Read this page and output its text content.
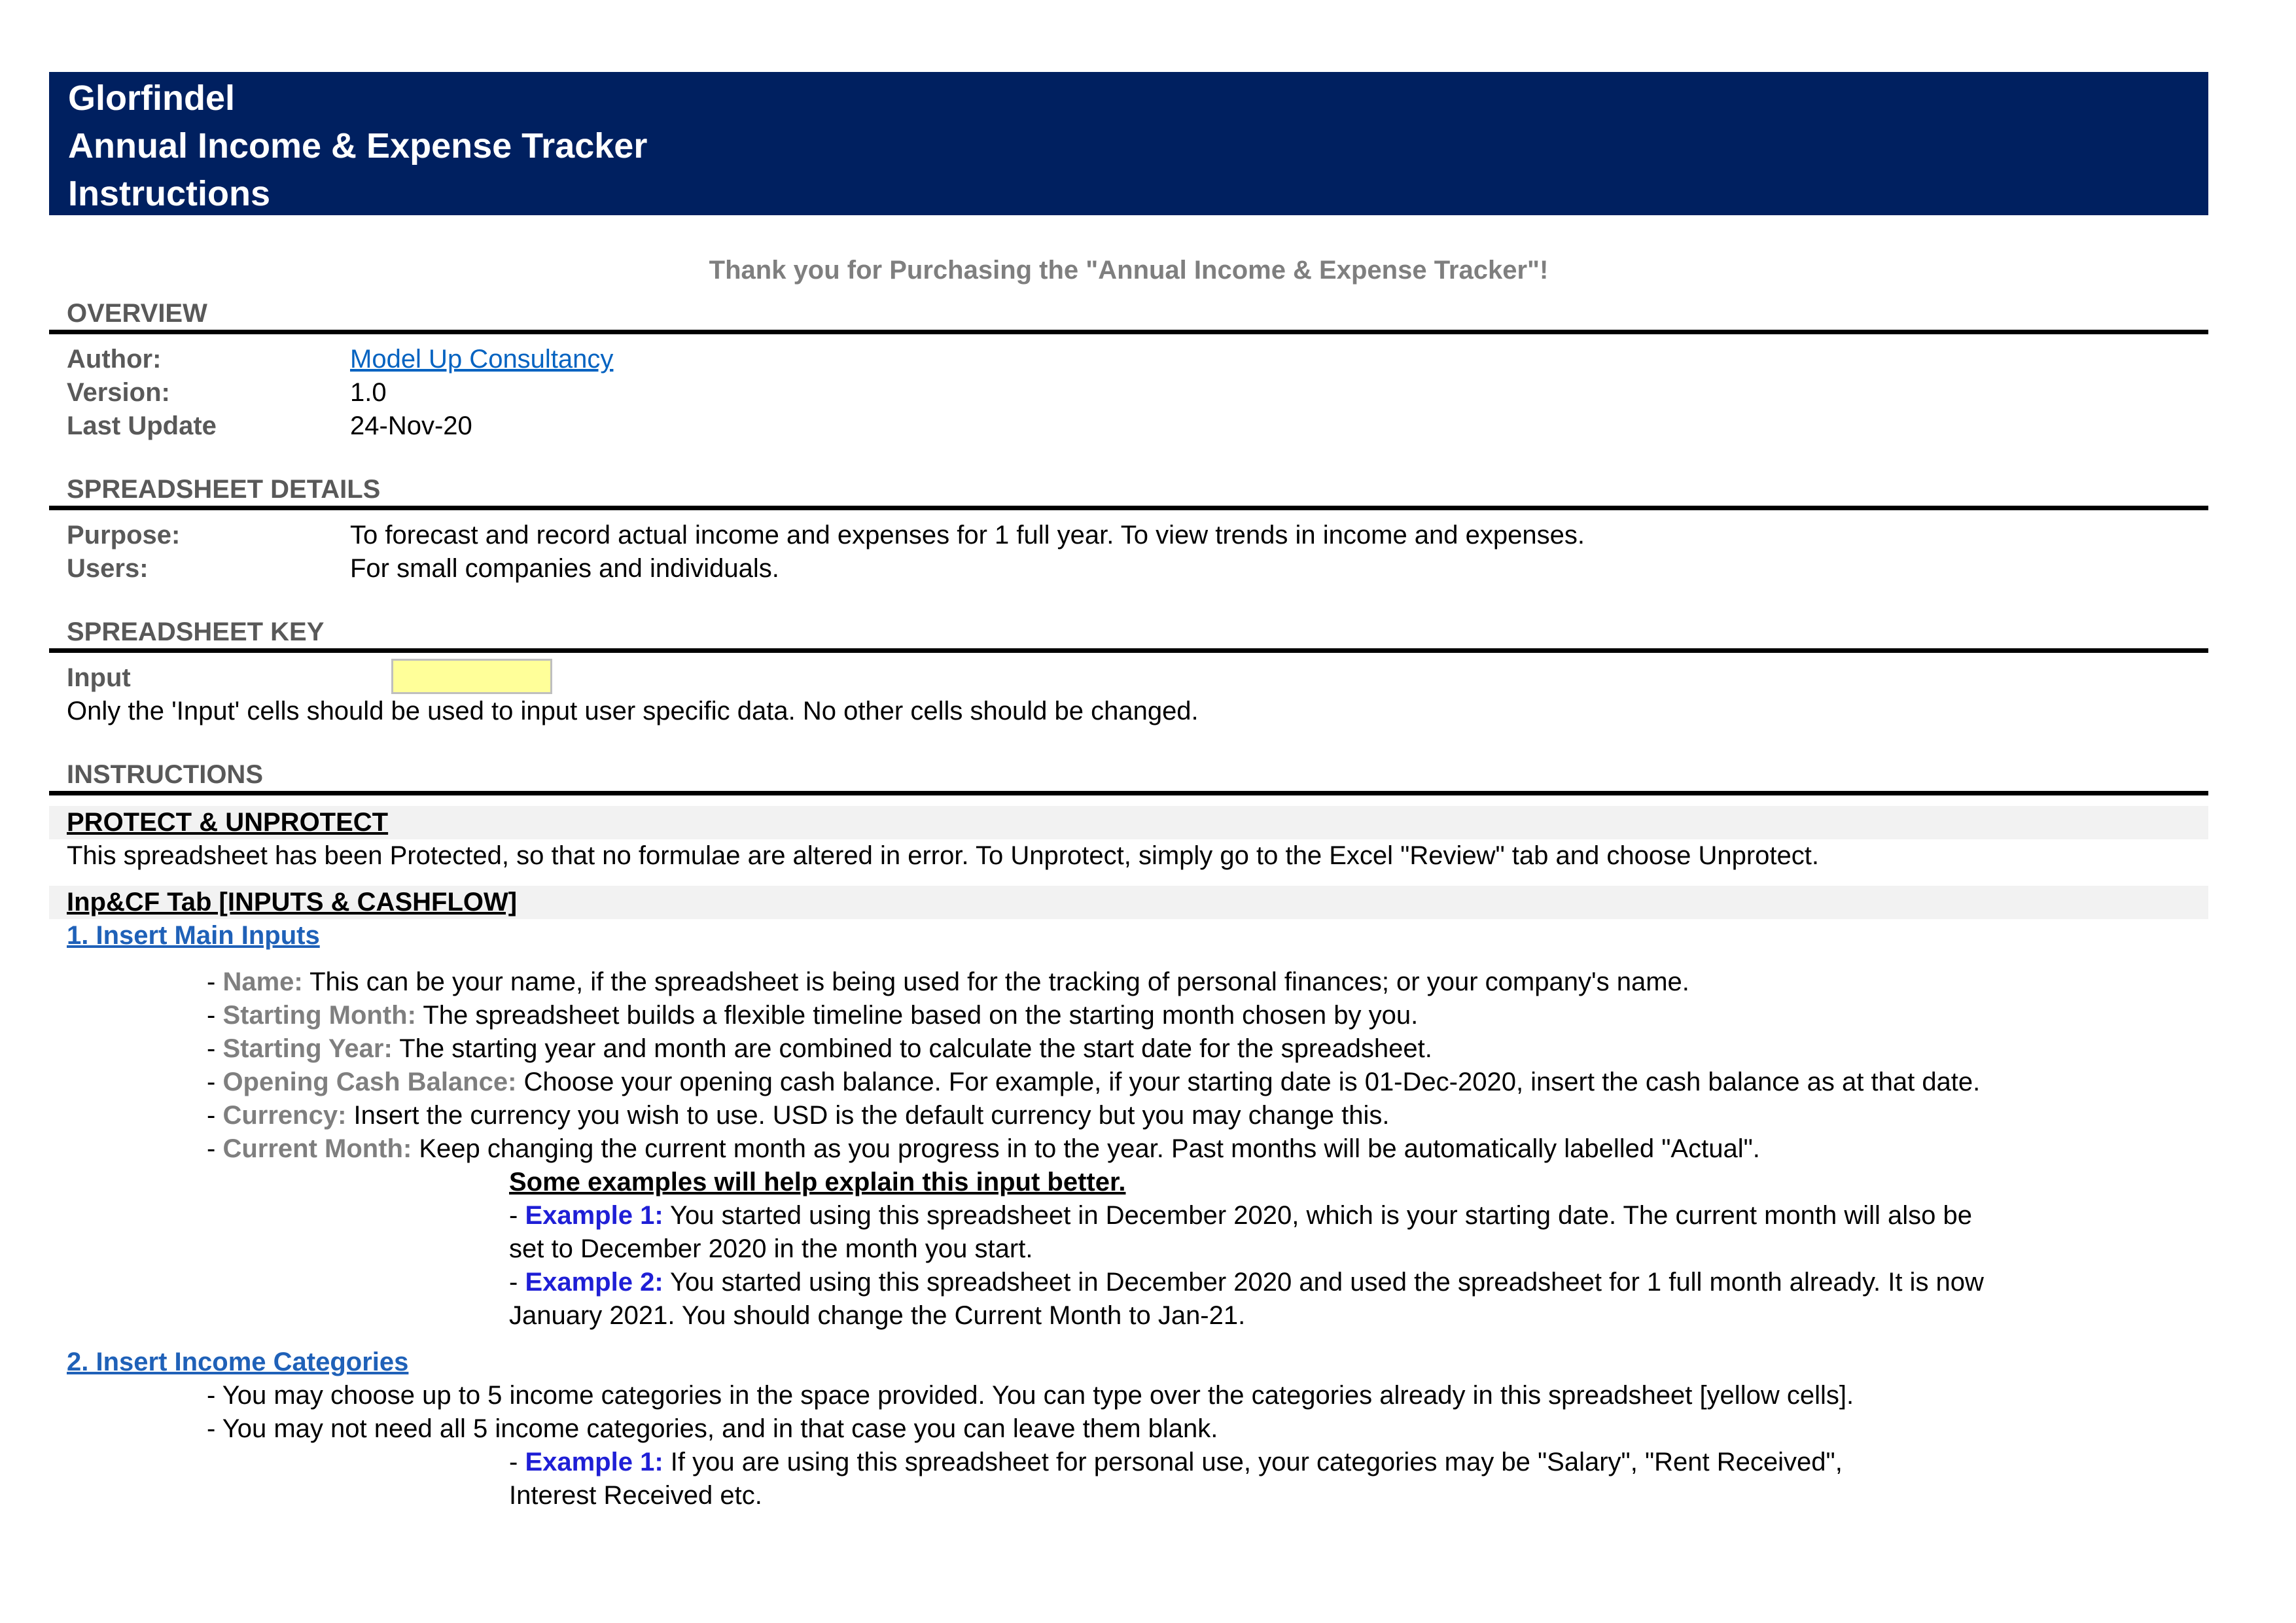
Glorfindel
Annual Income & Expense Tracker
Instructions
Thank you for Purchasing the "Annual Income & Expense Tracker"!
OVERVIEW
Author:	Model Up Consultancy
Version:	1.0
Last Update	24-Nov-20
SPREADSHEET DETAILS
Purpose:	To forecast and record actual income and expenses for 1 full year. To view trends in income and expenses.
Users:	For small companies and individuals.
SPREADSHEET KEY
Input
Only the 'Input' cells should be used to input user specific data. No other cells should be changed.
INSTRUCTIONS
PROTECT & UNPROTECT
This spreadsheet has been Protected, so that no formulae are altered in error. To Unprotect, simply go to the Excel "Review" tab and choose Unprotect.
Inp&CF Tab [INPUTS & CASHFLOW]
1. Insert Main Inputs
- Name: This can be your name, if the spreadsheet is being used for the tracking of personal finances; or your company's name.
- Starting Month: The spreadsheet builds a flexible timeline based on the starting month chosen by you.
- Starting Year: The starting year and month are combined to calculate the start date for the spreadsheet.
- Opening Cash Balance: Choose your opening cash balance. For example, if your starting date is 01-Dec-2020, insert the cash balance as at that date.
- Currency: Insert the currency you wish to use. USD is the default currency but you may change this.
- Current Month: Keep changing the current month as you progress in to the year. Past months will be automatically labelled "Actual".
Some examples will help explain this input better.
- Example 1: You started using this spreadsheet in December 2020, which is your starting date. The current month will also be
set to December 2020 in the month you start.
- Example 2: You started using this spreadsheet in December 2020 and used the spreadsheet for 1 full month already. It is now
January 2021. You should change the Current Month to Jan-21.
2. Insert Income Categories
- You may choose up to 5 income categories in the space provided. You can type over the categories already in this spreadsheet [yellow cells].
- You may not need all 5 income categories, and in that case you can leave them blank.
- Example 1: If you are using this spreadsheet for personal use, your categories may be "Salary", "Rent Received",
Interest Received etc.
